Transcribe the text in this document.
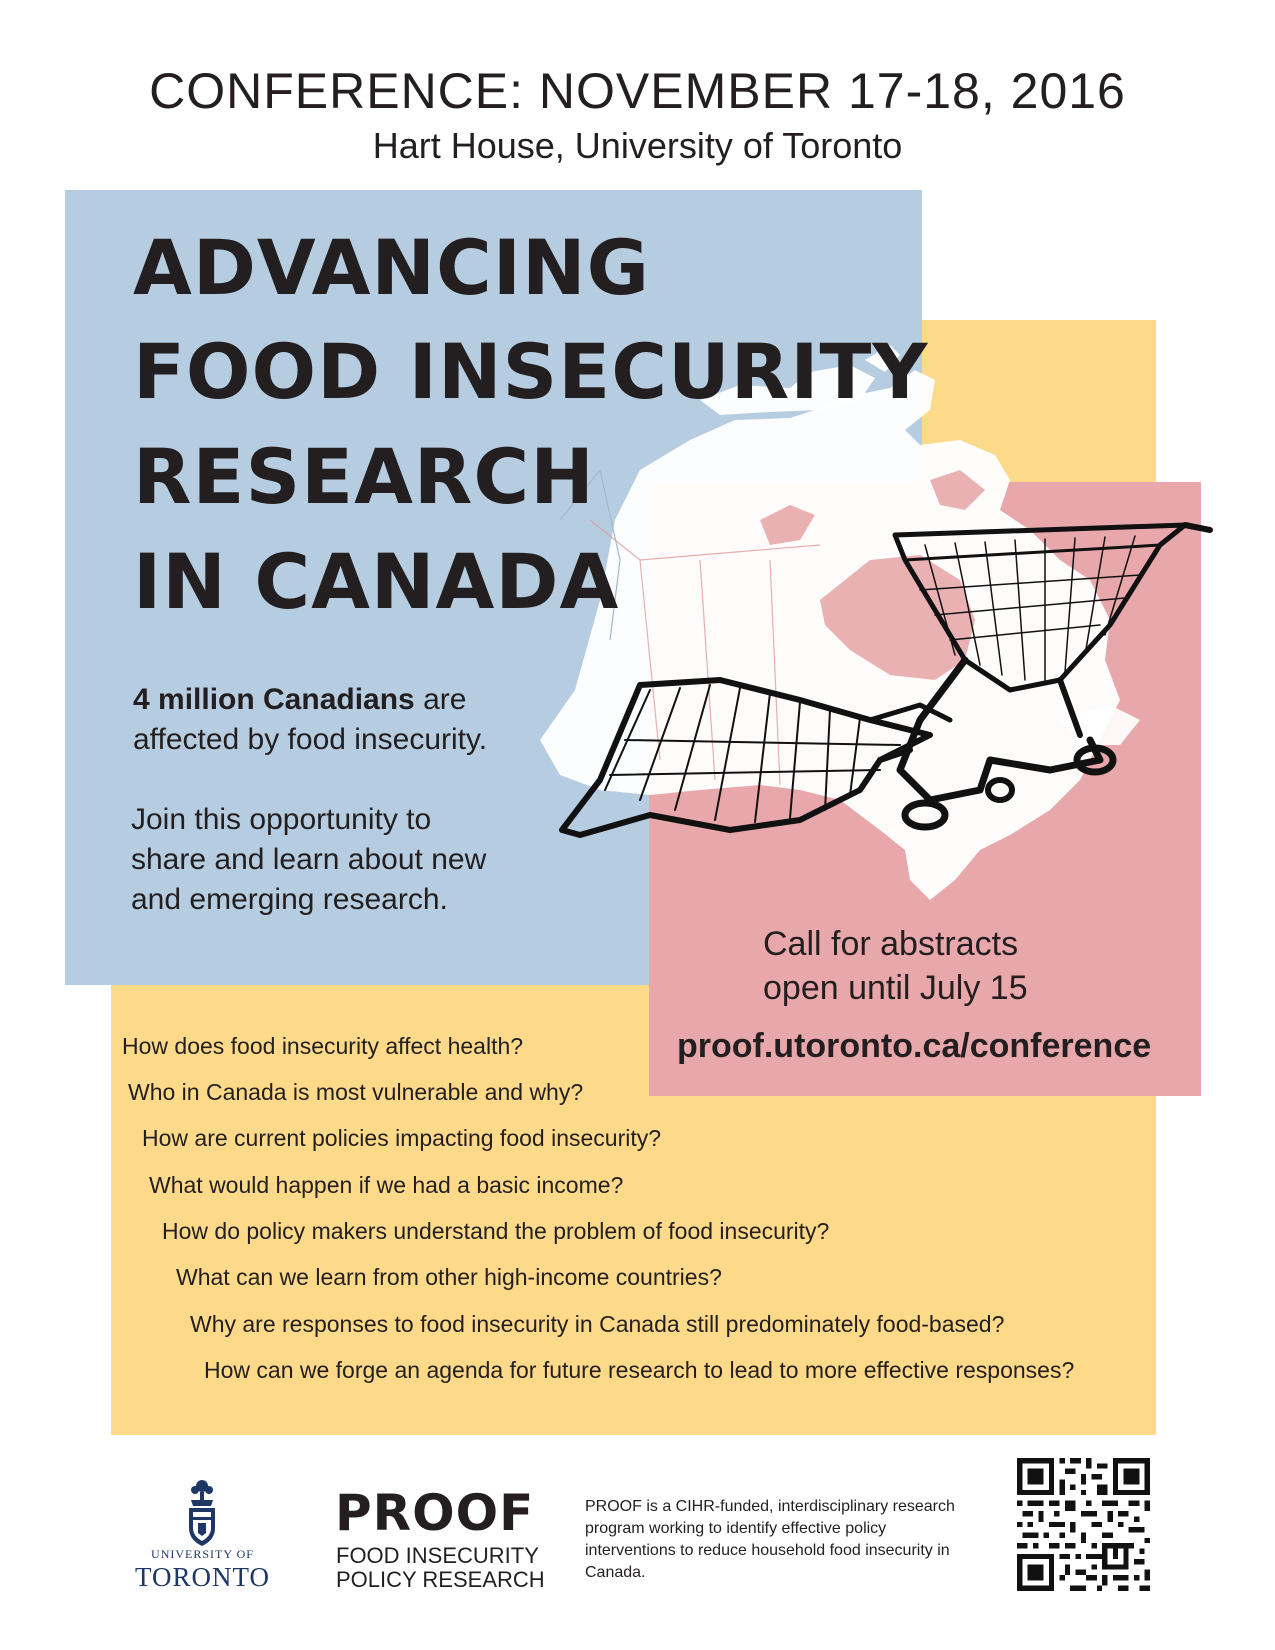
CONFERENCE: NOVEMBER 17-18, 2016
Hart House, University of Toronto
ADVANCING
FOOD INSECURITY
RESEARCH
IN CANADA
4 million Canadians are
affected by food insecurity.
Join this opportunity to
share and learn about new
and emerging research.
Call for abstracts
open until July 15
proof.utoronto.ca/conference
How does food insecurity affect health?
Who in Canada is most vulnerable and why?
How are current policies impacting food insecurity?
What would happen if we had a basic income?
How do policy makers understand the problem of food insecurity?
What can we learn from other high-income countries?
Why are responses to food insecurity in Canada still predominately food-based?
How can we forge an agenda for future research to lead to more effective responses?
UNIVERSITY OF
TORONTO
PROOF
FOOD INSECURITY
POLICY RESEARCH
PROOF is a CIHR-funded, interdisciplinary research program working to identify effective policy interventions to reduce household food insecurity in Canada.
